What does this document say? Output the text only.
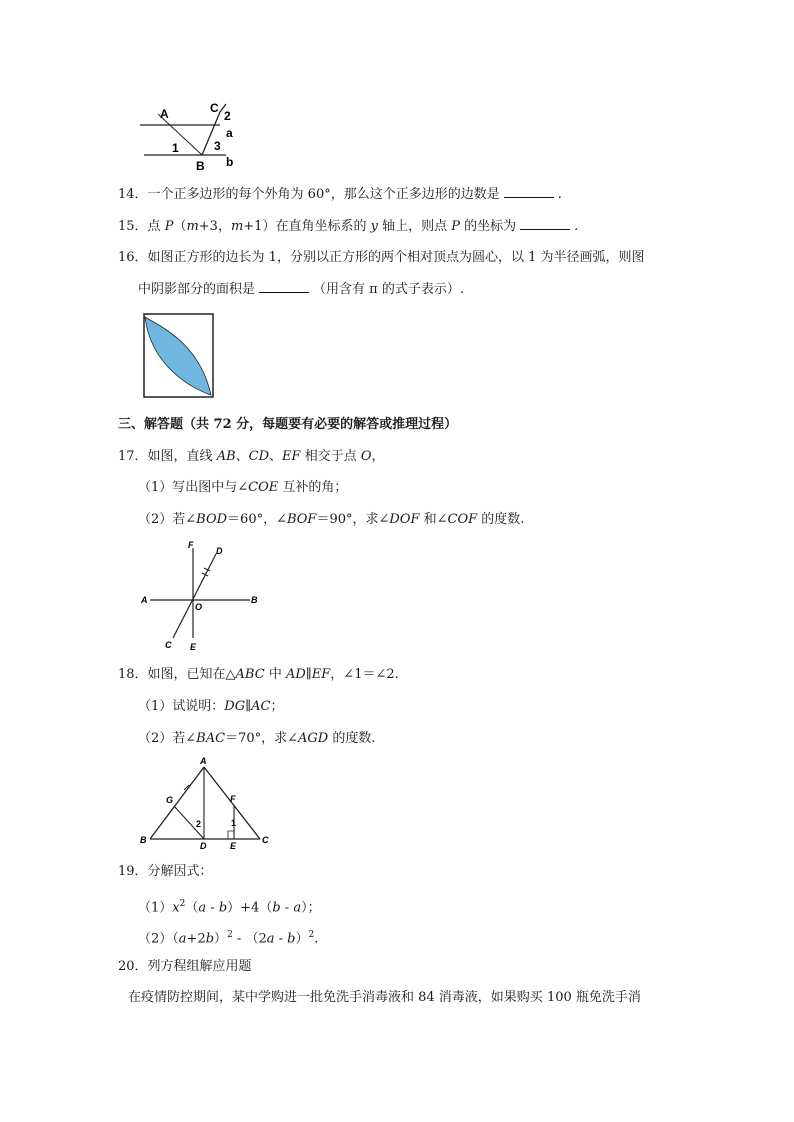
A	C
2
a
1	3
B b
14．一个正多边形的每个外角为 60°，那么这个正多边形的边数是	.
15．点 P（m+3，m+1）在直角坐标系的 y 轴上，则点 P 的坐标为	.
16．如图正方形的边长为 1，分别以正方形的两个相对顶点为圆心，以 1 为半径画弧，则图
中阴影部分的面积是	（用含有 π 的式子表示）.
三、解答题（共 72 分，每题要有必要的解答或推理过程）
17．如图，直线 AB、CD、EF 相交于点 O，
（1）写出图中与∠COE 互补的角；
（2）若∠BOD＝60°，∠BOF＝90°，求∠DOF 和∠COF 的度数.
F
D
A	B
O
C E
18．如图，已知在△ABC 中 AD∥EF，∠1＝∠2.
（1）试说明：DG∥AC；
（2）若∠BAC＝70°，求∠AGD 的度数.
A
G	F
2	1
B
D	E
C
19．分解因式：
$(1)x^2(a - b)+4(b - a)$；
$(2)(a+2b)^2 - (2a - b)^2$.
20．列方程组解应用题
在疫情防控期间，某中学购进一批免洗手消毒液和 84 消毒液，如果购买 100 瓶免洗手消
